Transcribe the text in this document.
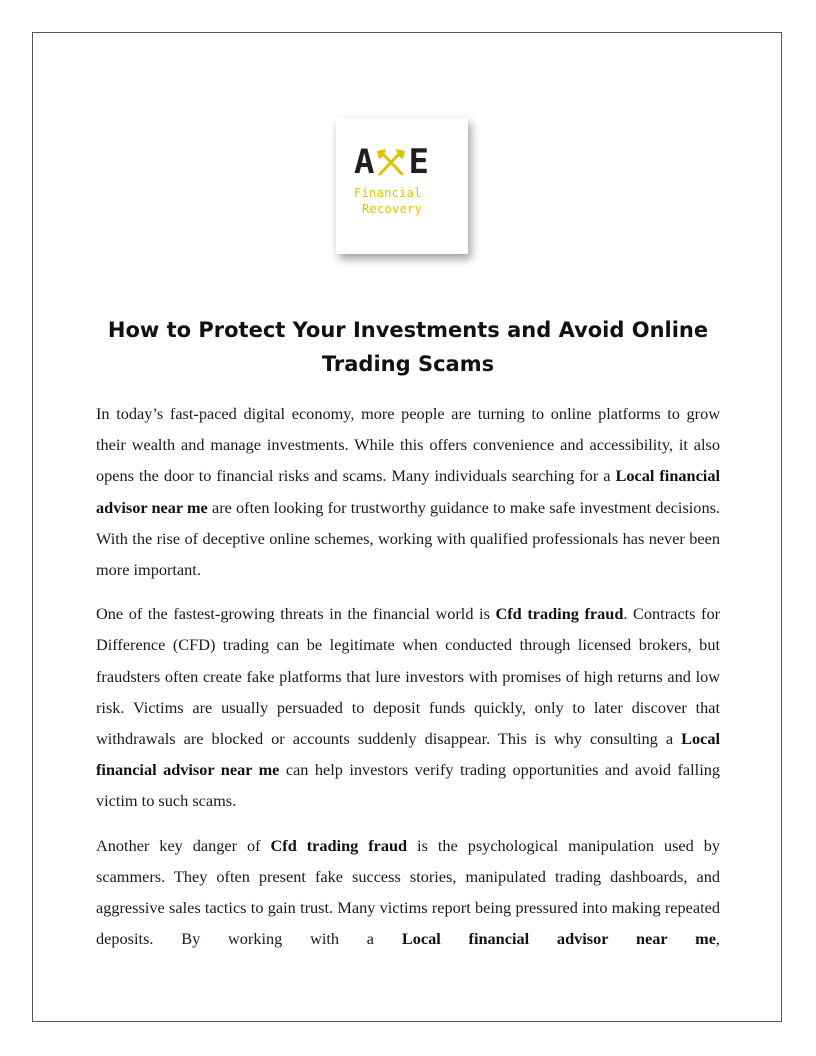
A E
Financial
Recovery
How to Protect Your Investments and Avoid Online Trading Scams

In today’s fast-paced digital economy, more people are turning to online platforms to grow their wealth and manage investments. While this offers convenience and accessibility, it also opens the door to financial risks and scams. Many individuals searching for a Local financial advisor near me are often looking for trustworthy guidance to make safe investment decisions. With the rise of deceptive online schemes, working with qualified professionals has never been more important.

One of the fastest-growing threats in the financial world is Cfd trading fraud. Contracts for Difference (CFD) trading can be legitimate when conducted through licensed brokers, but fraudsters often create fake platforms that lure investors with promises of high returns and low risk. Victims are usually persuaded to deposit funds quickly, only to later discover that withdrawals are blocked or accounts suddenly disappear. This is why consulting a Local financial advisor near me can help investors verify trading opportunities and avoid falling victim to such scams.

Another key danger of Cfd trading fraud is the psychological manipulation used by scammers. They often present fake success stories, manipulated trading dashboards, and aggressive sales tactics to gain trust. Many victims report being pressured into making repeated deposits. By working with a Local financial advisor near me,
